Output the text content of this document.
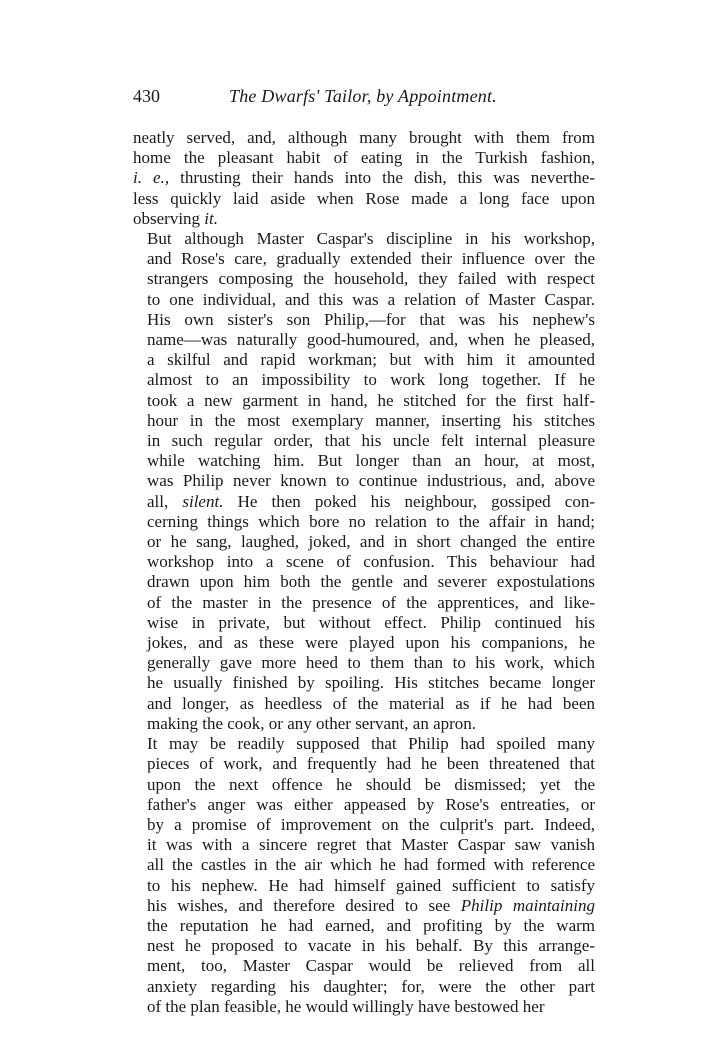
430	The Dwarfs' Tailor, by Appointment.
neatly served, and, although many brought with them from
home the pleasant habit of eating in the Turkish fashion,
i. e., thrusting their hands into the dish, this was neverthe-
less quickly laid aside when Rose made a long face upon
observing it.
But although Master Caspar's discipline in his workshop,
and Rose's care, gradually extended their influence over the
strangers composing the household, they failed with respect
to one individual, and this was a relation of Master Caspar.
His own sister's son Philip,—for that was his nephew's
name—was naturally good-humoured, and, when he pleased,
a skilful and rapid workman; but with him it amounted
almost to an impossibility to work long together. If he
took a new garment in hand, he stitched for the first half-
hour in the most exemplary manner, inserting his stitches
in such regular order, that his uncle felt internal pleasure
while watching him. But longer than an hour, at most,
was Philip never known to continue industrious, and, above
all, silent. He then poked his neighbour, gossiped con-
cerning things which bore no relation to the affair in hand;
or he sang, laughed, joked, and in short changed the entire
workshop into a scene of confusion. This behaviour had
drawn upon him both the gentle and severer expostulations
of the master in the presence of the apprentices, and like-
wise in private, but without effect. Philip continued his
jokes, and as these were played upon his companions, he
generally gave more heed to them than to his work, which
he usually finished by spoiling. His stitches became longer
and longer, as heedless of the material as if he had been
making the cook, or any other servant, an apron.
It may be readily supposed that Philip had spoiled many
pieces of work, and frequently had he been threatened that
upon the next offence he should be dismissed; yet the
father's anger was either appeased by Rose's entreaties, or
by a promise of improvement on the culprit's part. Indeed,
it was with a sincere regret that Master Caspar saw vanish
all the castles in the air which he had formed with reference
to his nephew. He had himself gained sufficient to satisfy
his wishes, and therefore desired to see Philip maintaining
the reputation he had earned, and profiting by the warm
nest he proposed to vacate in his behalf. By this arrange-
ment, too, Master Caspar would be relieved from all
anxiety regarding his daughter; for, were the other part
of the plan feasible, he would willingly have bestowed her
